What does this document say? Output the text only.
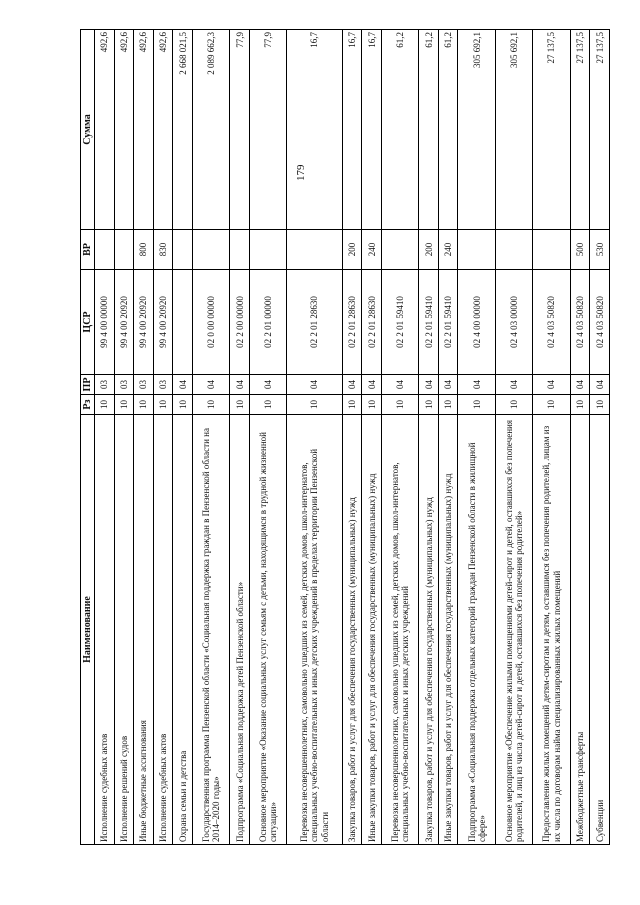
179
Наименование	Рз	ПР	ЦСР	ВР	Сумма
Исполнение судебных актов	10	03	99 4 00 00000		492,6
Исполнение решений судов	10	03	99 4 00 20920		492,6
Иные бюджетные ассигнования	10	03	99 4 00 20920	800	492,6
Исполнение судебных актов	10	03	99 4 00 20920	830	492,6
Охрана семьи и детства	10	04			2 668 021,5
Государственная программа Пензенской области «Социальная поддержка граждан в Пензенской области на 2014–2020 годы»	10	04	02 0 00 00000		2 089 662,3
Подпрограмма «Социальная поддержка детей Пензенской области»	10	04	02 2 00 00000		77,9
Основное мероприятие «Оказание социальных услуг семьям с детьми, находящимся в трудной жизненной ситуации»	10	04	02 2 01 00000		77,9
Перевозка несовершеннолетних, самовольно ушедших из семей, детских домов, школ-интернатов, специальных учебно-воспитательных и иных детских учреждений в пределах территории Пензенской области	10	04	02 2 01 28630		16,7
Закупка товаров, работ и услуг для обеспечения государственных (муниципальных) нужд	10	04	02 2 01 28630	200	16,7
Иные закупки товаров, работ и услуг для обеспечения государственных (муниципальных) нужд	10	04	02 2 01 28630	240	16,7
Перевозка несовершеннолетних, самовольно ушедших из семей, детских домов, школ-интернатов, специальных учебно-воспитательных и иных детских учреждений	10	04	02 2 01 59410		61,2
Закупка товаров, работ и услуг для обеспечения государственных (муниципальных) нужд	10	04	02 2 01 59410	200	61,2
Иные закупки товаров, работ и услуг для обеспечения государственных (муниципальных) нужд	10	04	02 2 01 59410	240	61,2
Подпрограмма «Социальная поддержка отдельных категорий граждан Пензенской области в жилищной сфере»	10	04	02 4 00 00000		305 692,1
Основное мероприятие «Обеспечение жилыми помещениями детей-сирот и детей, оставшихся без попечения родителей, и лиц из числа детей-сирот и детей, оставшихся без попечения родителей»	10	04	02 4 03 00000		305 692,1
Предоставление жилых помещений детям-сиротам и детям, оставшимся без попечения родителей, лицам из их числа по договорам найма специализированных жилых помещений	10	04	02 4 03 50820		27 137,5
Межбюджетные трансферты	10	04	02 4 03 50820	500	27 137,5
Субвенции	10	04	02 4 03 50820	530	27 137,5
